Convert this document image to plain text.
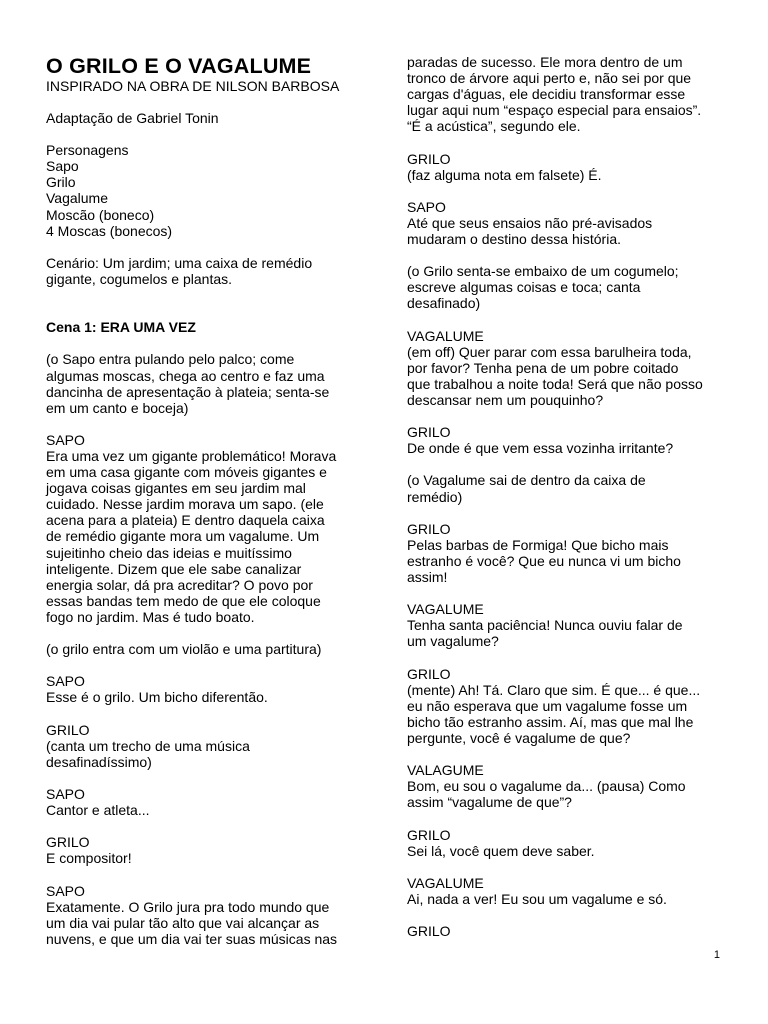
O GRILO E O VAGALUME

INSPIRADO NA OBRA DE NILSON BARBOSA

Adaptação de Gabriel Tonin

Personagens
Sapo
Grilo
Vagalume
Moscão (boneco)
4 Moscas (bonecos)

Cenário: Um jardim; uma caixa de remédio
gigante, cogumelos e plantas.

Cena 1: ERA UMA VEZ

(o Sapo entra pulando pelo palco; come
algumas moscas, chega ao centro e faz uma
dancinha de apresentação à plateia; senta-se
em um canto e boceja)

SAPO
Era uma vez um gigante problemático! Morava
em uma casa gigante com móveis gigantes e
jogava coisas gigantes em seu jardim mal
cuidado. Nesse jardim morava um sapo. (ele
acena para a plateia) E dentro daquela caixa
de remédio gigante mora um vagalume. Um
sujeitinho cheio das ideias e muitíssimo
inteligente. Dizem que ele sabe canalizar
energia solar, dá pra acreditar? O povo por
essas bandas tem medo de que ele coloque
fogo no jardim. Mas é tudo boato.

(o grilo entra com um violão e uma partitura)

SAPO
Esse é o grilo. Um bicho diferentão.

GRILO
(canta um trecho de uma música
desafinadíssimo)

SAPO
Cantor e atleta...

GRILO
E compositor!

SAPO
Exatamente. O Grilo jura pra todo mundo que
um dia vai pular tão alto que vai alcançar as
nuvens, e que um dia vai ter suas músicas nas

paradas de sucesso. Ele mora dentro de um
tronco de árvore aqui perto e, não sei por que
cargas d'águas, ele decidiu transformar esse
lugar aqui num “espaço especial para ensaios”.
“É a acústica”, segundo ele.

GRILO
(faz alguma nota em falsete) É.

SAPO
Até que seus ensaios não pré-avisados
mudaram o destino dessa história.

(o Grilo senta-se embaixo de um cogumelo;
escreve algumas coisas e toca; canta
desafinado)

VAGALUME
(em off) Quer parar com essa barulheira toda,
por favor? Tenha pena de um pobre coitado
que trabalhou a noite toda! Será que não posso
descansar nem um pouquinho?

GRILO
De onde é que vem essa vozinha irritante?

(o Vagalume sai de dentro da caixa de
remédio)

GRILO
Pelas barbas de Formiga! Que bicho mais
estranho é você? Que eu nunca vi um bicho
assim!

VAGALUME
Tenha santa paciência! Nunca ouviu falar de
um vagalume?

GRILO
(mente) Ah! Tá. Claro que sim. É que... é que...
eu não esperava que um vagalume fosse um
bicho tão estranho assim. Aí, mas que mal lhe
pergunte, você é vagalume de que?

VALAGUME
Bom, eu sou o vagalume da... (pausa) Como
assim “vagalume de que”?

GRILO
Sei lá, você quem deve saber.

VAGALUME
Ai, nada a ver! Eu sou um vagalume e só.

GRILO

1
